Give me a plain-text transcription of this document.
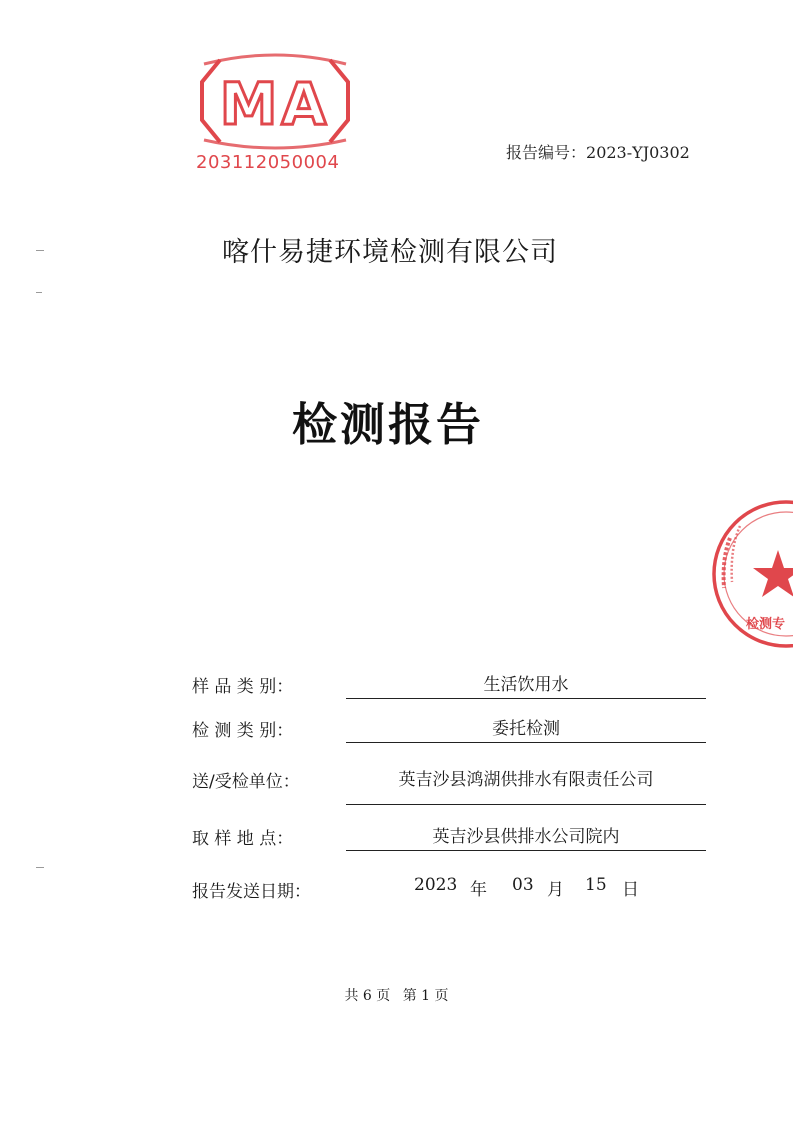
MA
203112050004	报告编号：2023-YJ0302
喀什易捷环境检测有限公司
检测报告
检测专
样 品 类 别：	生活饮用水
检 测 类 别：	委托检测
送/受检单位：	英吉沙县鸿湖供排水有限责任公司
取 样 地 点：	英吉沙县供排水公司院内
报告发送日期：	2023 年 03 月 15 日
共 6 页 第 1 页
